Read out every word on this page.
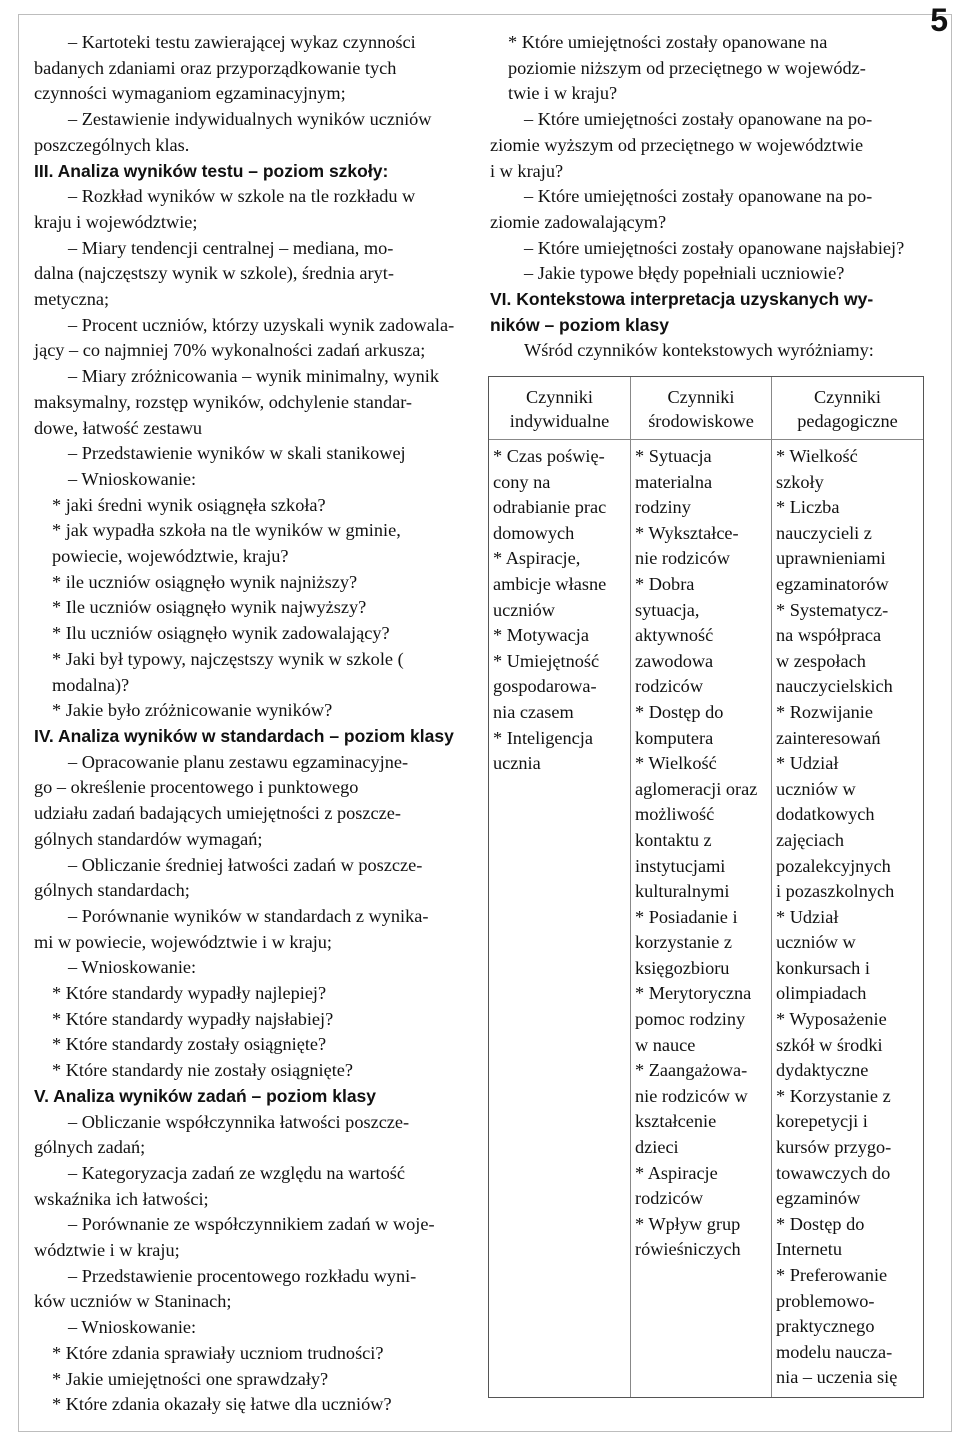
5
– Kartoteki testu zawierającej wykaz czynności
badanych zdaniami oraz przyporządkowanie tych
czynności wymaganiom egzaminacyjnym;
– Zestawienie indywidualnych wyników uczniów
poszczególnych klas.
III. Analiza wyników testu – poziom szkoły:
– Rozkład wyników w szkole na tle rozkładu w
kraju i województwie;
– Miary tendencji centralnej – mediana, mo-
dalna (najczęstszy wynik w szkole), średnia aryt-
metyczna;
– Procent uczniów, którzy uzyskali wynik zadowala-
jący – co najmniej 70% wykonalności zadań arkusza;
– Miary zróżnicowania – wynik minimalny, wynik
maksymalny, rozstęp wyników, odchylenie standar-
dowe, łatwość zestawu
– Przedstawienie wyników w skali stanikowej
– Wnioskowanie:
* jaki średni wynik osiągnęła szkoła?
* jak wypadła szkoła na tle wyników w gminie,
powiecie, województwie, kraju?
* ile uczniów osiągnęło wynik najniższy?
* Ile uczniów osiągnęło wynik najwyższy?
* Ilu uczniów osiągnęło wynik zadowalający?
* Jaki był typowy, najczęstszy wynik w szkole (
modalna)?
* Jakie było zróżnicowanie wyników?
IV. Analiza wyników w standardach – poziom klasy
– Opracowanie planu zestawu egzaminacyjne-
go – określenie procentowego i punktowego
udziału zadań badających umiejętności z poszcze-
gólnych standardów wymagań;
– Obliczanie średniej łatwości zadań w poszcze-
gólnych standardach;
– Porównanie wyników w standardach z wynika-
mi w powiecie, województwie i w kraju;
– Wnioskowanie:
* Które standardy wypadły najlepiej?
* Które standardy wypadły najsłabiej?
* Które standardy zostały osiągnięte?
* Które standardy nie zostały osiągnięte?
V. Analiza wyników zadań – poziom klasy
– Obliczanie współczynnika łatwości poszcze-
gólnych zadań;
– Kategoryzacja zadań ze względu na wartość
wskaźnika ich łatwości;
– Porównanie ze współczynnikiem zadań w woje-
wództwie i w kraju;
– Przedstawienie procentowego rozkładu wyni-
ków uczniów w Staninach;
– Wnioskowanie:
* Które zdania sprawiały uczniom trudności?
* Jakie umiejętności one sprawdzały?
* Które zdania okazały się łatwe dla uczniów?
* Które umiejętności zostały opanowane na
poziomie niższym od przeciętnego w wojewódz-
twie i w kraju?
– Które umiejętności zostały opanowane na po-
ziomie wyższym od przeciętnego w województwie
i w kraju?
– Które umiejętności zostały opanowane na po-
ziomie zadowalającym?
– Które umiejętności zostały opanowane najsłabiej?
– Jakie typowe błędy popełniali uczniowie?
VI. Kontekstowa interpretacja uzyskanych wy-
ników – poziom klasy
Wśród czynników kontekstowych wyróżniamy:
Czynniki
indywidualne
* Czas poświę-
cony na
odrabianie prac
domowych
* Aspiracje,
ambicje własne
uczniów
* Motywacja
* Umiejętność
gospodarowa-
nia czasem
* Inteligencja
ucznia
Czynniki
środowiskowe
* Sytuacja
materialna
rodziny
* Wykształce-
nie rodziców
* Dobra
sytuacja,
aktywność
zawodowa
rodziców
* Dostęp do
komputera
* Wielkość
aglomeracji oraz
możliwość
kontaktu z
instytucjami
kulturalnymi
* Posiadanie i
korzystanie z
księgozbioru
* Merytoryczna
pomoc rodziny
w nauce
* Zaangażowa-
nie rodziców w
kształcenie
dzieci
* Aspiracje
rodziców
* Wpływ grup
rówieśniczych
Czynniki
pedagogiczne
* Wielkość
szkoły
* Liczba
nauczycieli z
uprawnieniami
egzaminatorów
* Systematycz-
na współpraca
w zespołach
nauczycielskich
* Rozwijanie
zainteresowań
* Udział
uczniów w
dodatkowych
zajęciach
pozalekcyjnych
i pozaszkolnych
* Udział
uczniów w
konkursach i
olimpiadach
* Wyposażenie
szkół w środki
dydaktyczne
* Korzystanie z
korepetycji i
kursów przygo-
towawczych do
egzaminów
* Dostęp do
Internetu
* Preferowanie
problemowo-
praktycznego
modelu naucza-
nia – uczenia się
